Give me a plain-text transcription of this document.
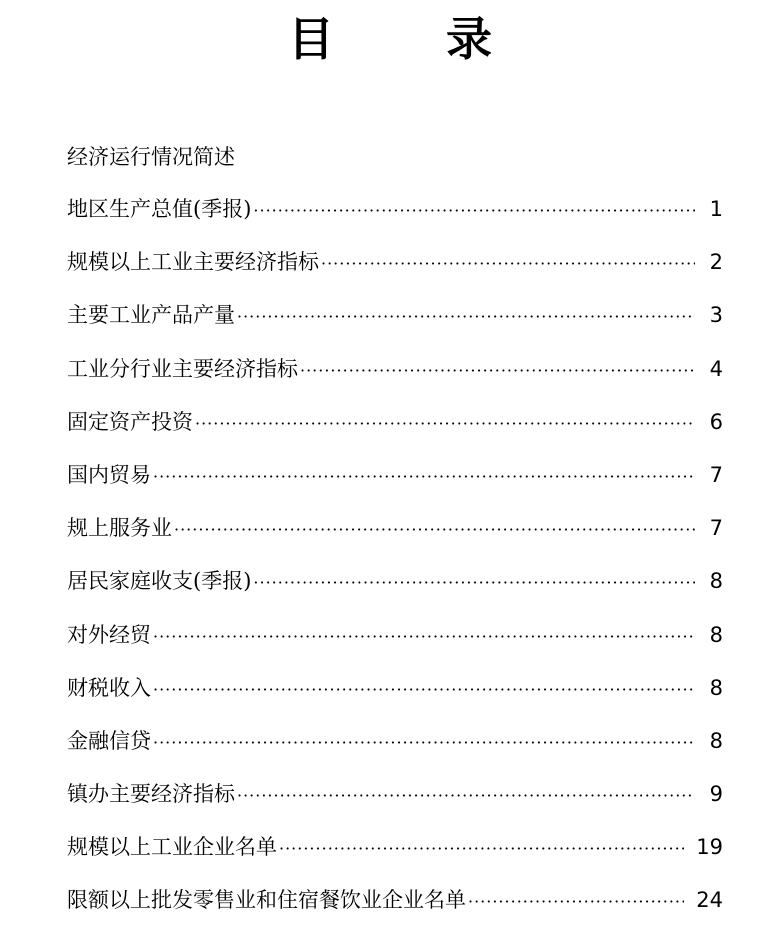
目 录
经济运行情况简述
地区生产总值(季报) ·····	1
规模以上工业主要经济指标 ·····	2
主要工业产品产量 ·····	3
工业分行业主要经济指标 ·····	4
固定资产投资 ·····	6
国内贸易 ·····	7
规上服务业 ·····	7
居民家庭收支(季报) ·····	8
对外经贸 ·····	8
财税收入 ·····	8
金融信贷 ·····	8
镇办主要经济指标 ·····	9
规模以上工业企业名单 ·····	19
限额以上批发零售业和住宿餐饮业企业名单 ·····	24
